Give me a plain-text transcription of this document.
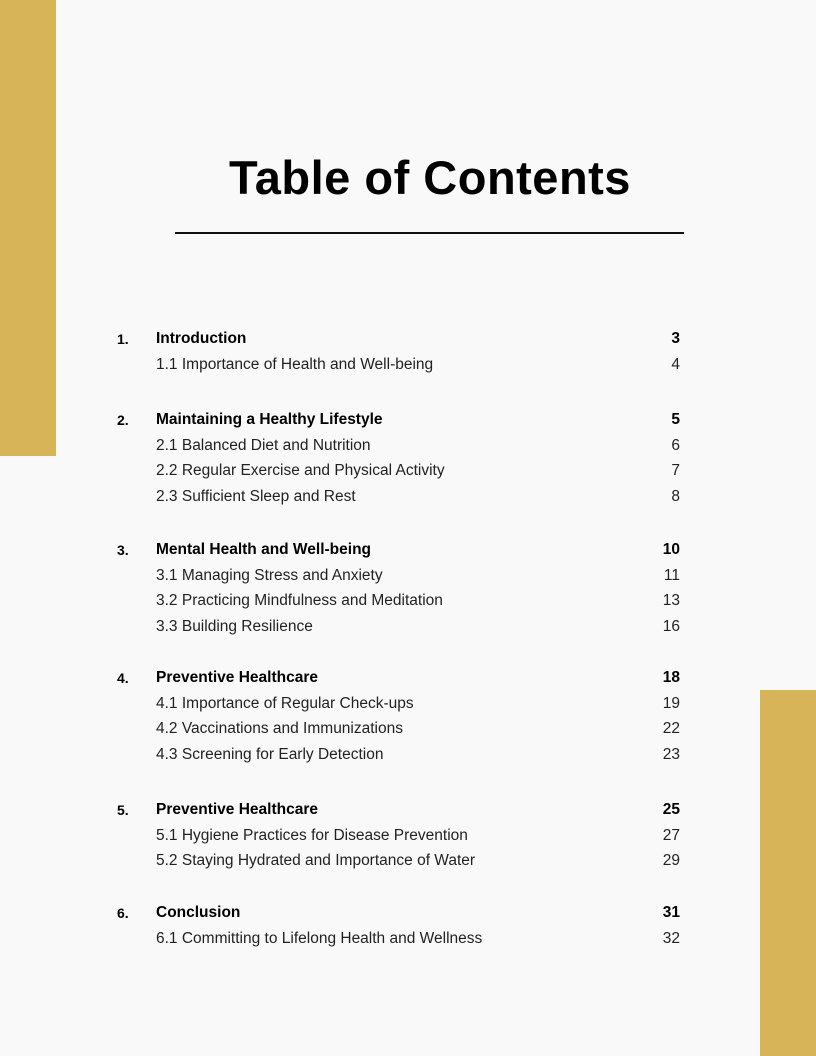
Table of Contents
1. Introduction	3
1.1 Importance of Health and Well-being	4
2. Maintaining a Healthy Lifestyle	5
2.1 Balanced Diet and Nutrition	6
2.2 Regular Exercise and Physical Activity	7
2.3 Sufficient Sleep and Rest	8
3. Mental Health and Well-being	10
3.1 Managing Stress and Anxiety	11
3.2 Practicing Mindfulness and Meditation	13
3.3 Building Resilience	16
4. Preventive Healthcare	18
4.1 Importance of Regular Check-ups	19
4.2 Vaccinations and Immunizations	22
4.3 Screening for Early Detection	23
5. Preventive Healthcare	25
5.1 Hygiene Practices for Disease Prevention	27
5.2 Staying Hydrated and Importance of Water	29
6. Conclusion	31
6.1 Committing to Lifelong Health and Wellness	32
